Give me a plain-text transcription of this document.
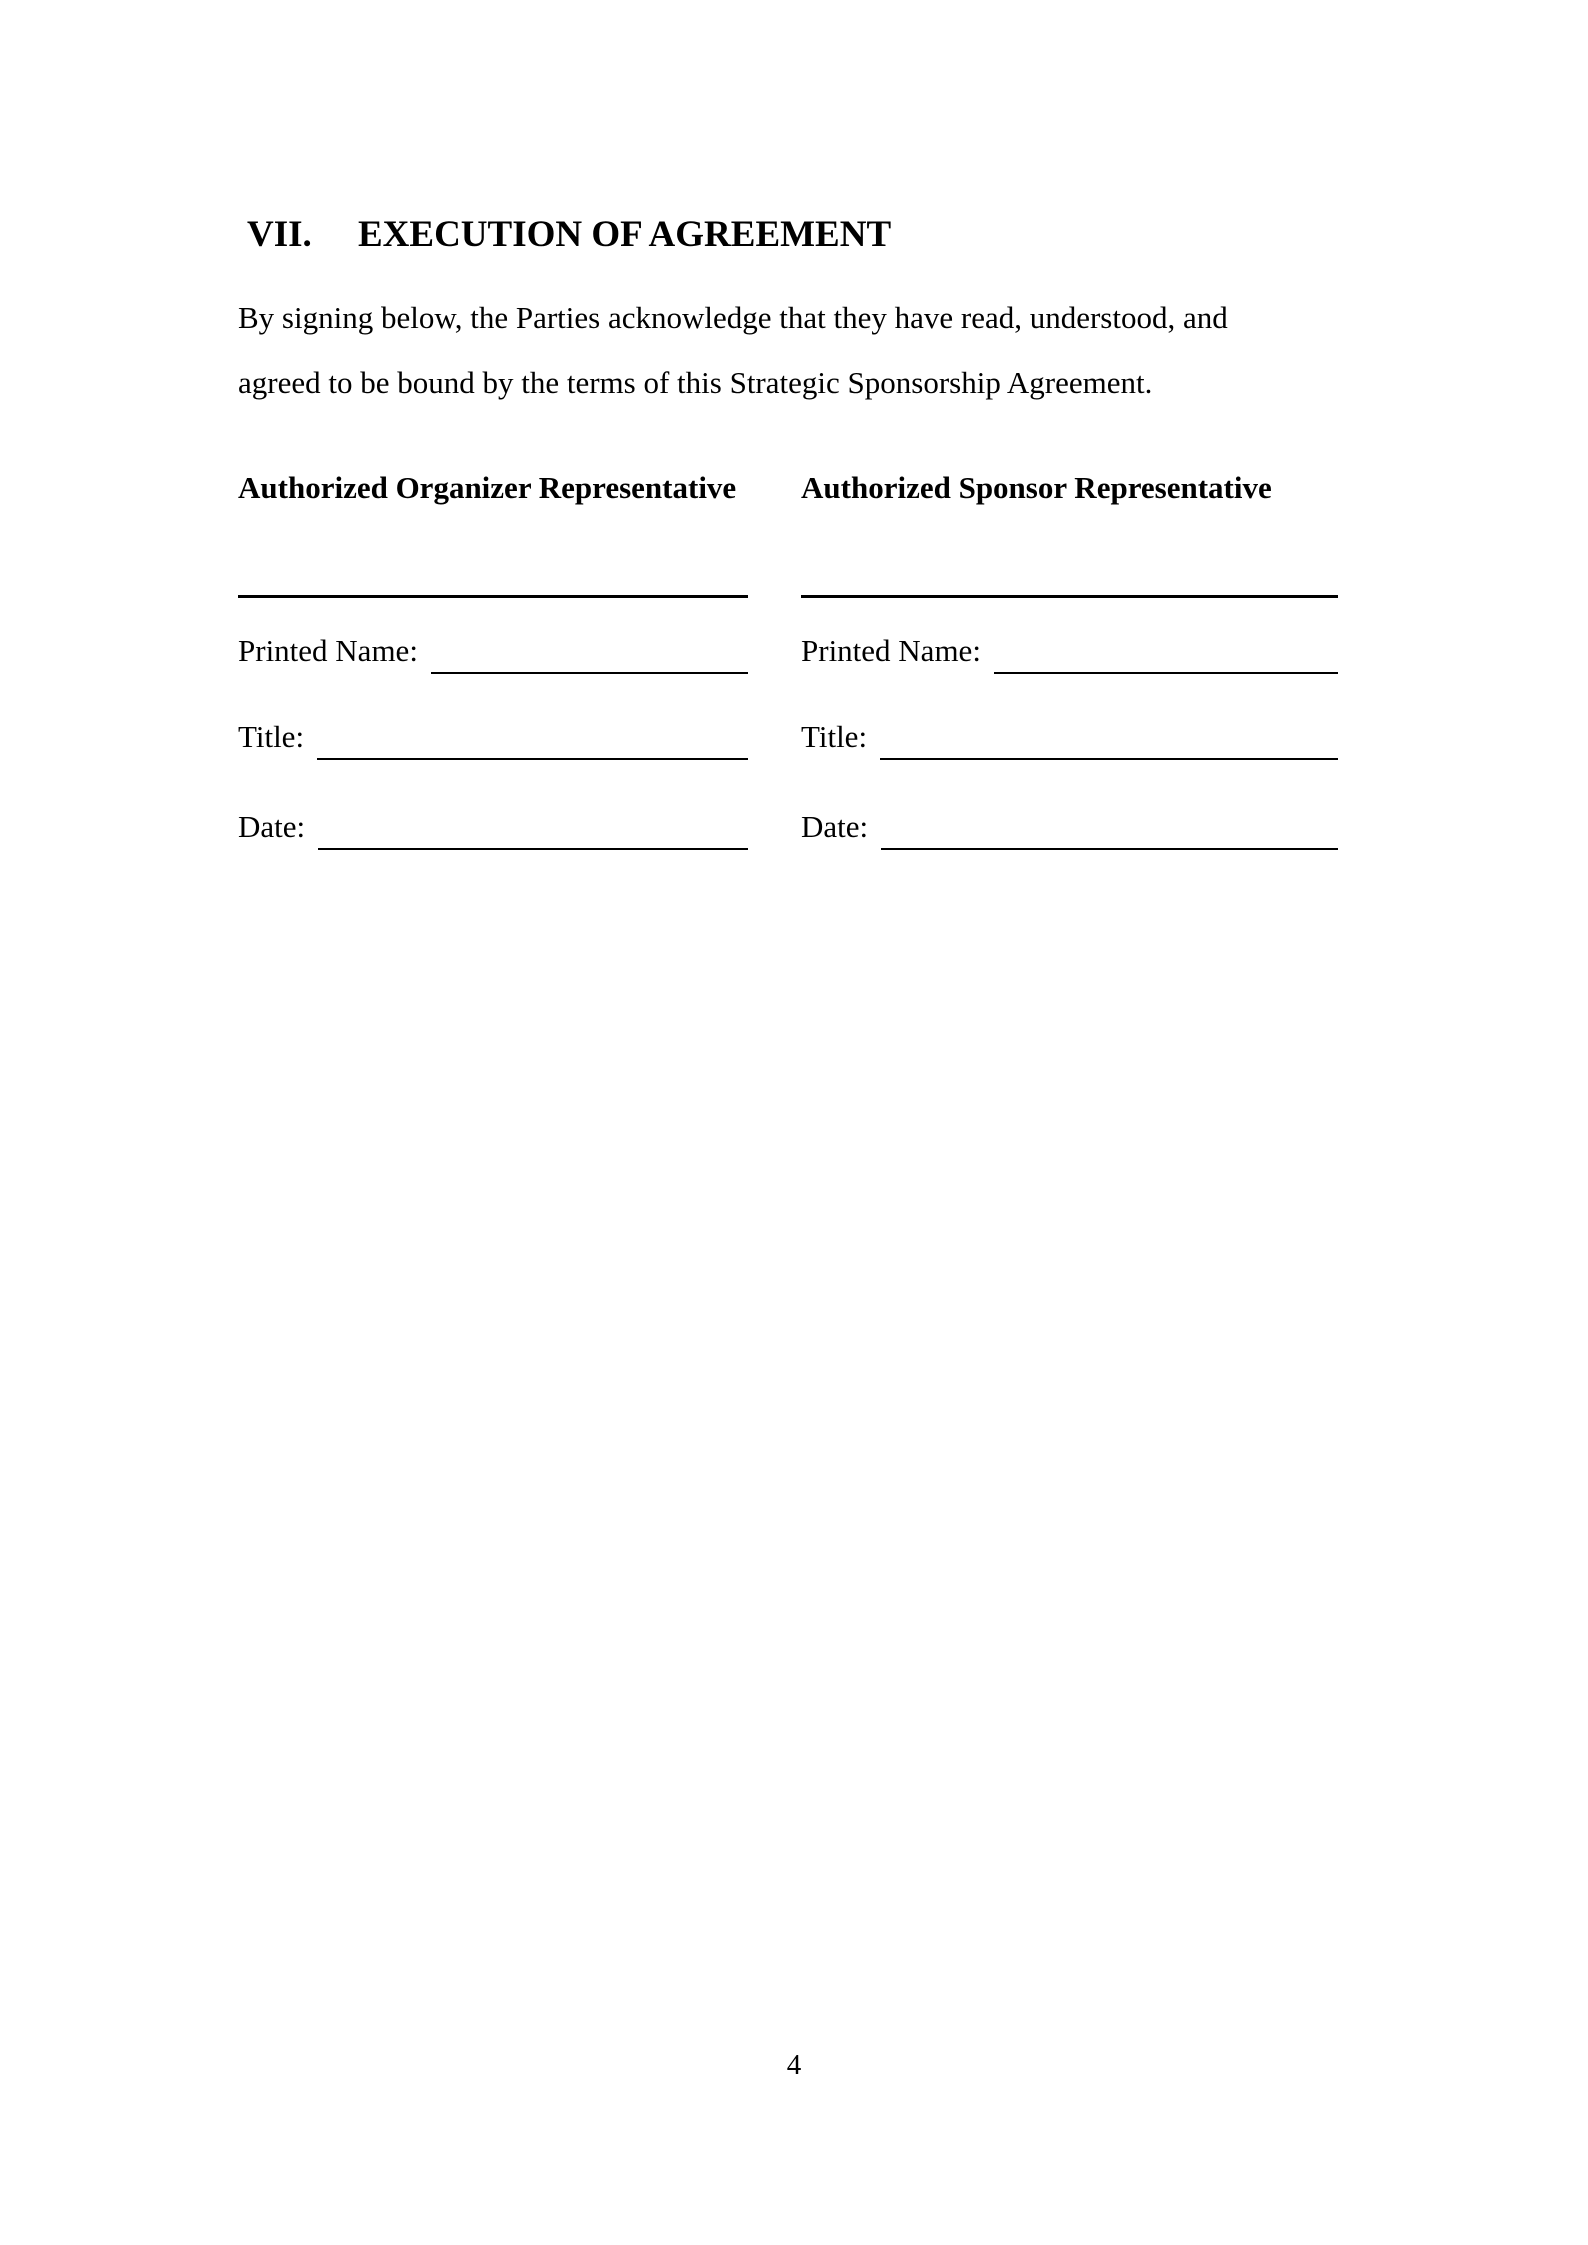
VII. EXECUTION OF AGREEMENT
By signing below, the Parties acknowledge that they have read, understood, and
agreed to be bound by the terms of this Strategic Sponsorship Agreement.
Authorized Organizer Representative
Printed Name:
Title:
Date:
Authorized Sponsor Representative
Printed Name:
Title:
Date:
4
